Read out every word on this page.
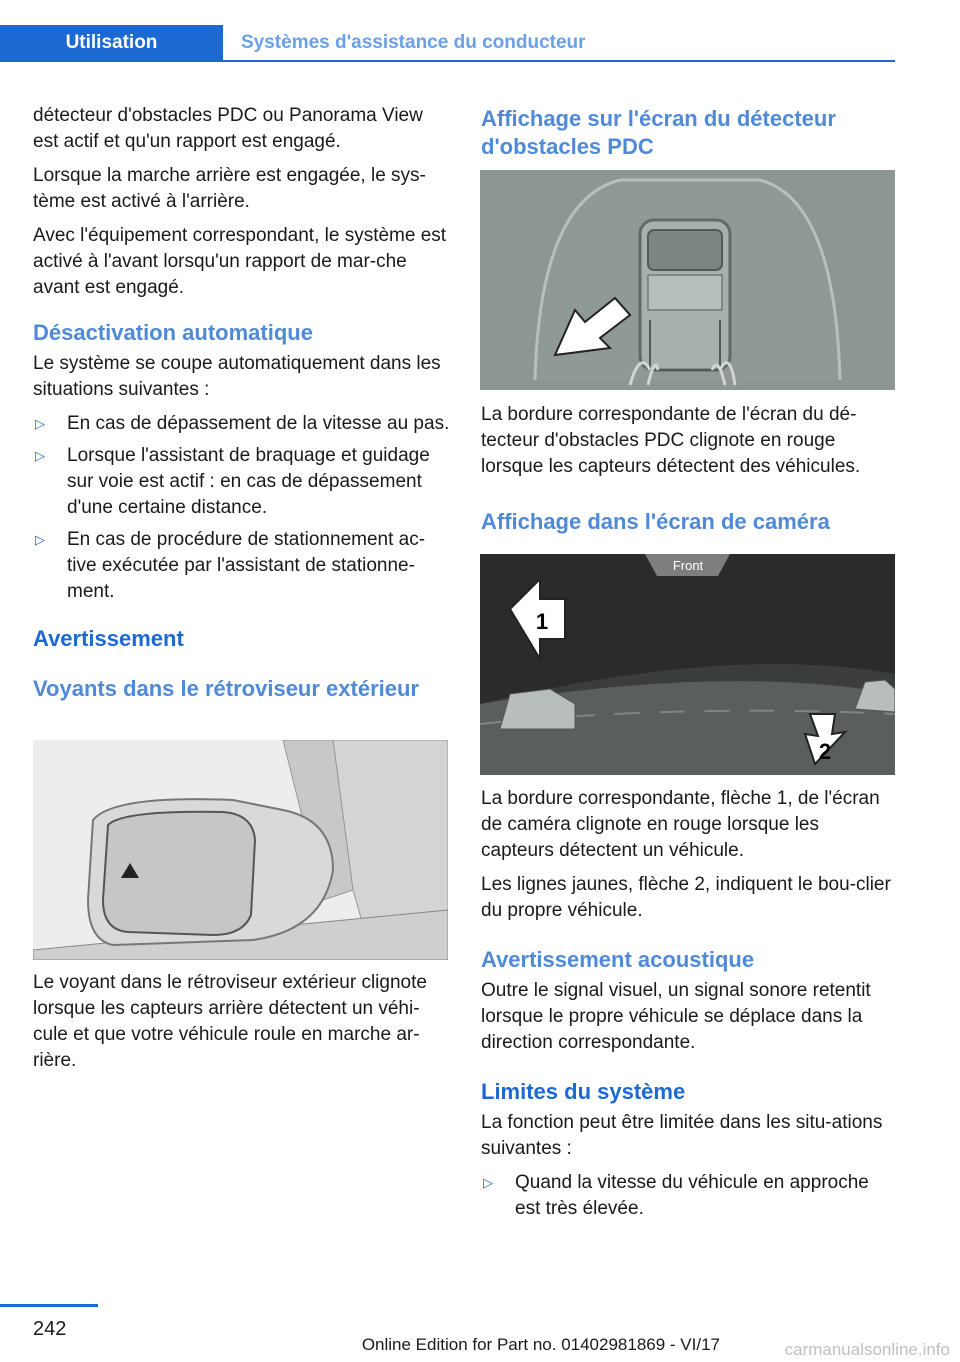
Utilisation	Systèmes d'assistance du conducteur

détecteur d'obstacles PDC ou Panorama View est actif et qu'un rapport est engagé.

Lorsque la marche arrière est engagée, le sys-tème est activé à l'arrière.

Avec l'équipement correspondant, le système est activé à l'avant lorsqu'un rapport de mar-che avant est engagé.

Désactivation automatique

Le système se coupe automatiquement dans les situations suivantes :

▷ En cas de dépassement de la vitesse au pas.
▷ Lorsque l'assistant de braquage et guidage sur voie est actif : en cas de dépassement d'une certaine distance.
▷ En cas de procédure de stationnement ac-tive exécutée par l'assistant de stationne-ment.
Avertissement
Voyants dans le rétroviseur extérieur

Le voyant dans le rétroviseur extérieur clignote lorsque les capteurs arrière détectent un véhi-cule et que votre véhicule roule en marche ar-rière.

Affichage sur l'écran du détecteur d'obstacles PDC

La bordure correspondante de l'écran du dé-tecteur d'obstacles PDC clignote en rouge lorsque les capteurs détectent des véhicules.

Affichage dans l'écran de caméra
Front
1
2

La bordure correspondante, flèche 1, de l'écran de caméra clignote en rouge lorsque les capteurs détectent un véhicule.

Les lignes jaunes, flèche 2, indiquent le bou-clier du propre véhicule.

Avertissement acoustique

Outre le signal visuel, un signal sonore retentit lorsque le propre véhicule se déplace dans la direction correspondante.

Limites du système

La fonction peut être limitée dans les situ-ations suivantes :

▷ Quand la vitesse du véhicule en approche est très élevée.
242
Online Edition for Part no. 01402981869 - VI/17	carmanualsonline.info
